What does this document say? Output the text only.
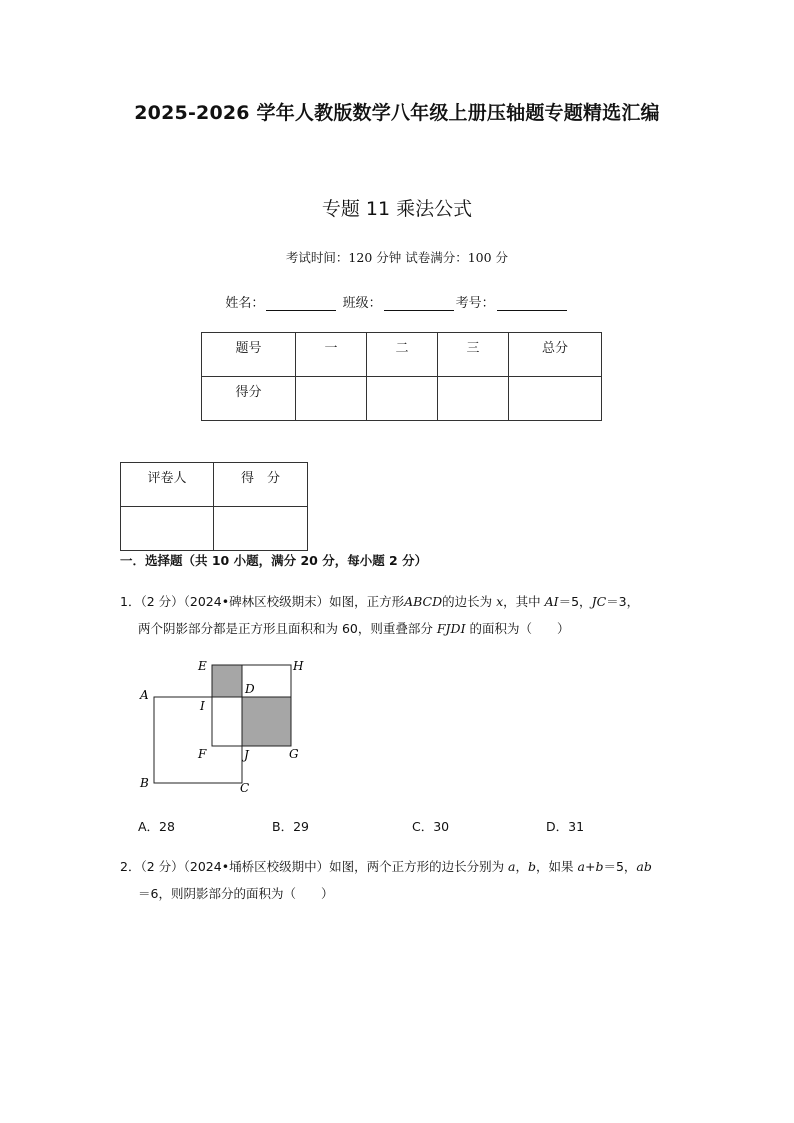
2025-2026 学年人教版数学八年级上册压轴题专题精选汇编
专题 11 乘法公式
考试时间：120 分钟 试卷满分：100 分
姓名：	班级：	考号：
题号	一	二	三	总分
得分				
评卷人	得　分

一．选择题（共 10 小题，满分 20 分，每小题 2 分）
1．（2 分）（2024•碑林区校级期末）如图，正方形ABCD的边长为 x，其中 AI＝5，JC＝3，
两个阴影部分都是正方形且面积和为 60，则重叠部分 FJDI 的面积为（　　）
E	H
A	D
I
F	J	G
B	C
A．28	B．29	C．30	D．31
2．（2 分）（2024•埇桥区校级期中）如图，两个正方形的边长分别为 a，b，如果 a+b＝5，ab
＝6，则阴影部分的面积为（　　）
